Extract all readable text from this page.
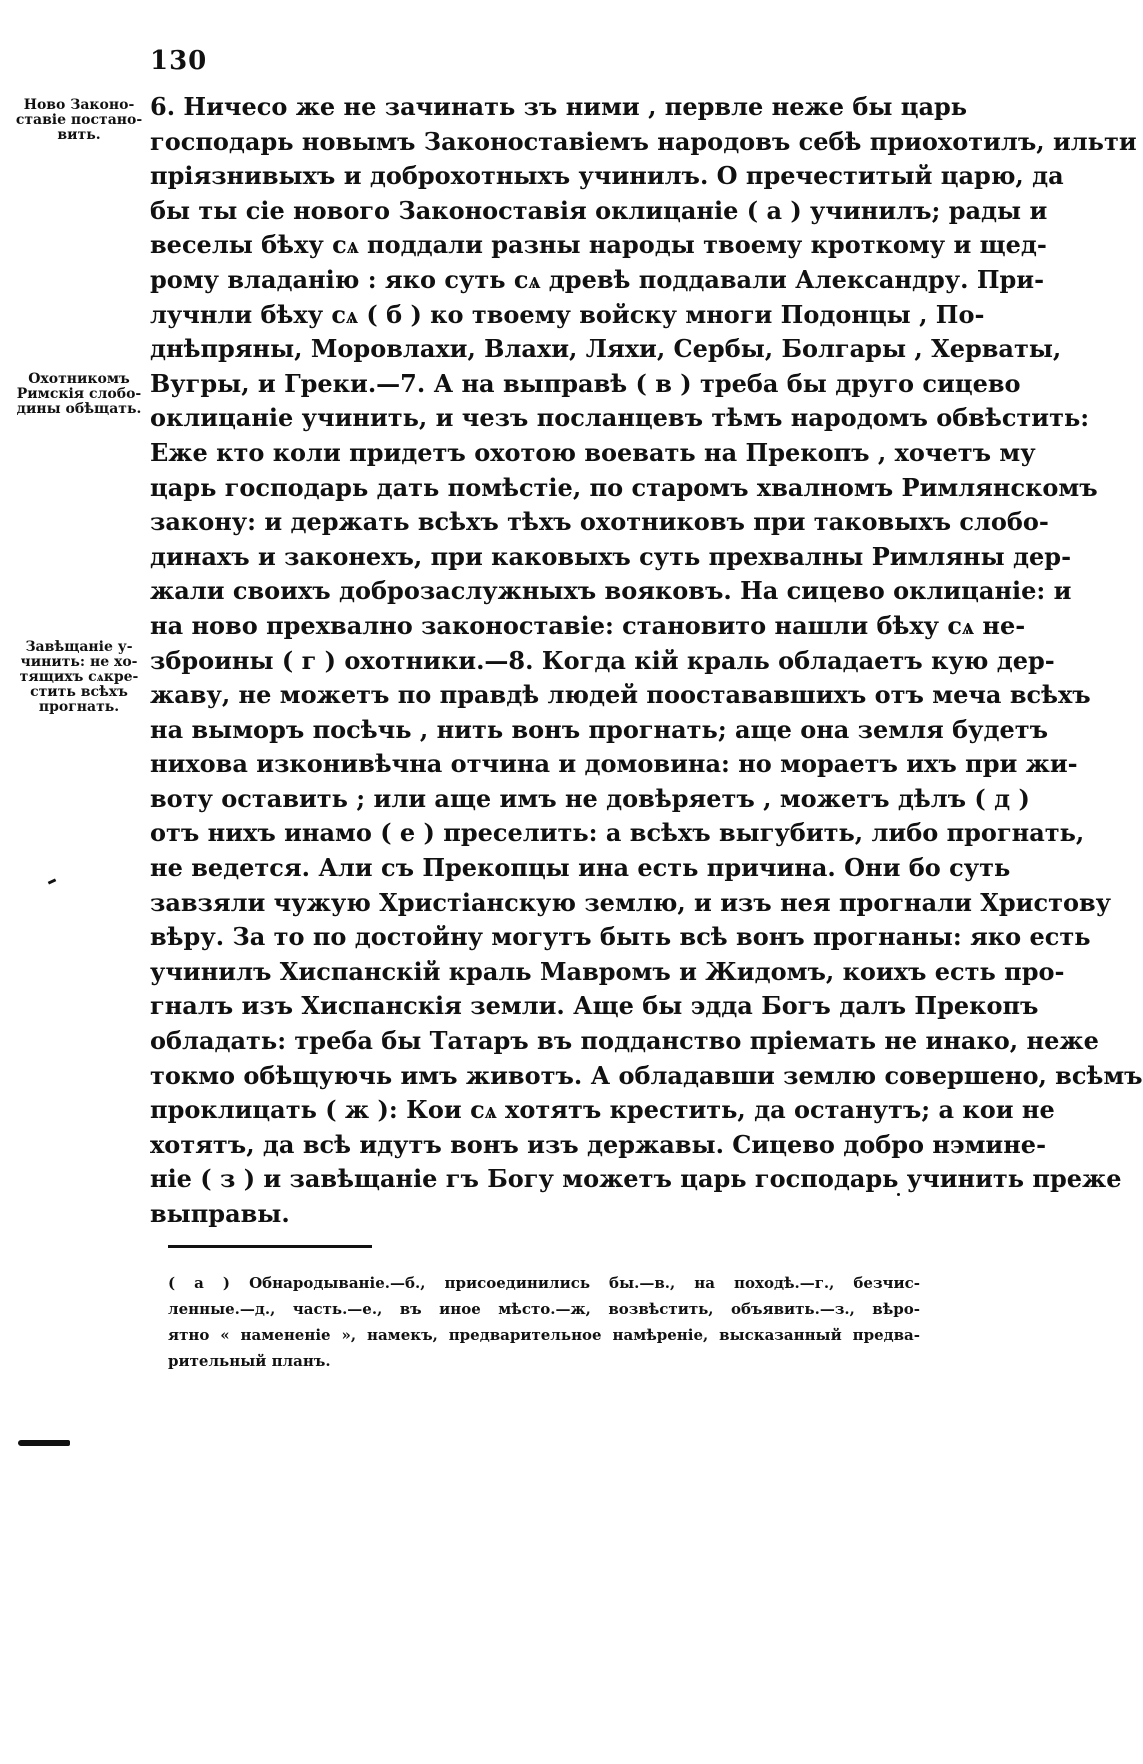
130
Ново Законо-
ставіе постано-
вить.
Охотникомъ
Римскія слобо-
дины обѣщать.
Завѣщаніе у-
чинить: не хо-
тящихъ сѧкре-
стить всѣхъ
прогнать.
6. Ничесо же не зачинать зъ ними , первле неже бы царь
господарь новымъ Законоставіемъ народовъ себѣ приохотилъ, ильти
пріязнивыхъ и доброхотныхъ учинилъ. О пречеститый царю, да
бы ты сіе нового Законоставія оклицаніе ( а ) учинилъ; рады и
веселы бѣху сѧ поддали разны народы твоему кроткому и щед-
рому владанію : яко суть сѧ древѣ поддавали Александру. При-
лучнли бѣху сѧ ( б ) ко твоему войску многи Подонцы , По-
днѣпряны, Моровлахи, Влахи, Ляхи, Сербы, Болгары , Херваты,
Вугры, и Греки.—7. А на выправѣ ( в ) треба бы друго сицево
оклицаніе учинить, и чезъ посланцевъ тѣмъ народомъ обвѣстить:
Еже кто коли придетъ охотою воевать на Прекопъ , хочетъ му
царь господарь дать помѣстіе, по старомъ хвалномъ Римлянскомъ
закону: и держать всѣхъ тѣхъ охотниковъ при таковыхъ слобо-
динахъ и законехъ, при каковыхъ суть прехвалны Римляны дер-
жали своихъ доброзаслужныхъ вояковъ. На сицево оклицаніе: и
на ново прехвално законоставіе: становито нашли бѣху сѧ не-
зброины ( г ) охотники.—8. Когда кій краль обладаетъ кую дер-
жаву, не можетъ по правдѣ людей поостававшихъ отъ меча всѣхъ
на выморъ посѣчь , нить вонъ прогнать; аще она земля будетъ
нихова изконивѣчна отчина и домовина: но мораетъ ихъ при жи-
воту оставить ; или аще имъ не довѣряетъ , можетъ дѣлъ ( д )
отъ нихъ инамо ( е ) преселить: а всѣхъ выгубить, либо прогнать,
не ведется. Али съ Прекопцы ина есть причина. Они бо суть
завзяли чужую Христіанскую землю, и изъ нея прогнали Христову
вѣру. За то по достойну могутъ быть всѣ вонъ прогнаны: яко есть
учинилъ Хиспанскій краль Мавромъ и Жидомъ, коихъ есть про-
гналъ изъ Хиспанскія земли. Аще бы эдда Богъ далъ Прекопъ
обладать: треба бы Татаръ въ подданство пріемать не инако, неже
токмо обѣщуючь имъ животъ. А обладавши землю совершено, всѣмъ
проклицать ( ж ): Кои сѧ хотятъ крестить, да останутъ; а кои не
хотятъ, да всѣ идутъ вонъ изъ державы. Сицево добро нэмине-
ніе ( з ) и завѣщаніе гъ Богу можетъ царь господарь учинить преже
выправы.
( а ) Обнародываніе.—б., присоединились бы.—в., на походѣ.—г., безчис-
ленные.—д., часть.—е., въ иное мѣсто.—ж, возвѣстить, объявить.—з., вѣро-
ятно « намененіе », намекъ, предварительное намѣреніе, высказанный предва-
рительный планъ.
